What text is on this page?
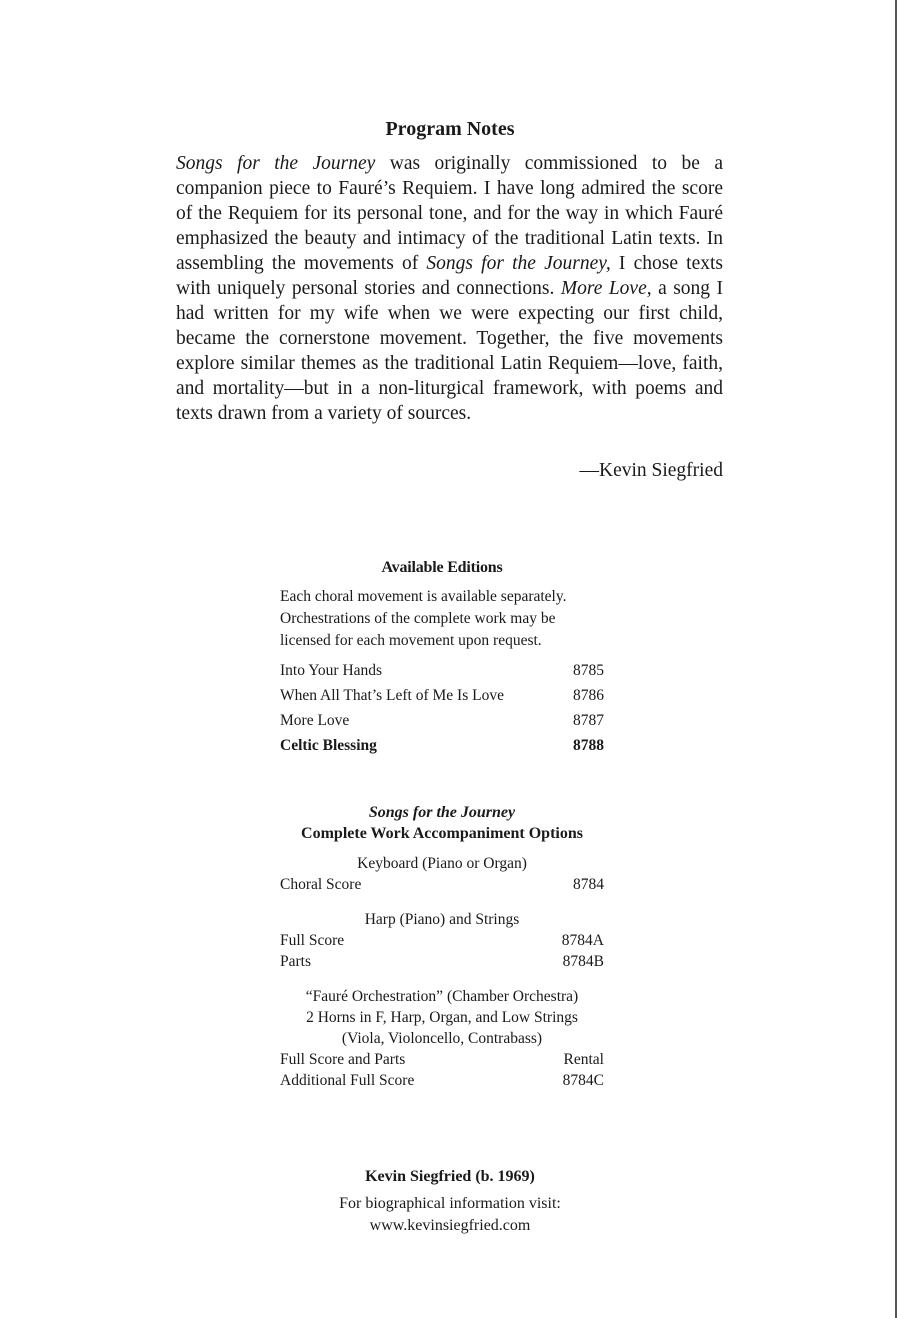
Program Notes

Songs for the Journey was originally commissioned to be a companion piece to Fauré’s Requiem. I have long admired the score of the Requiem for its personal tone, and for the way in which Fauré emphasized the beauty and intimacy of the traditional Latin texts. In assembling the movements of Songs for the Journey, I chose texts with uniquely personal stories and connections. More Love, a song I had written for my wife when we were expecting our first child, became the cornerstone movement. Together, the five movements explore similar themes as the traditional Latin Requiem—love, faith, and mortality—but in a non-liturgical framework, with poems and texts drawn from a variety of sources.

—Kevin Siegfried

Available Editions

Each choral movement is available separately. Orchestrations of the complete work may be licensed for each movement upon request.

Into Your Hands	8785
When All That’s Left of Me Is Love	8786
More Love	8787
Celtic Blessing	8788

Songs for the Journey

Complete Work Accompaniment Options

Keyboard (Piano or Organ)

Choral Score	8784

Harp (Piano) and Strings

Full Score	8784A
Parts	8784B

“Fauré Orchestration” (Chamber Orchestra)

2 Horns in F, Harp, Organ, and Low Strings

(Viola, Violoncello, Contrabass)

Full Score and Parts	Rental
Additional Full Score	8784C

Kevin Siegfried (b. 1969)

For biographical information visit:

www.kevinsiegfried.com
